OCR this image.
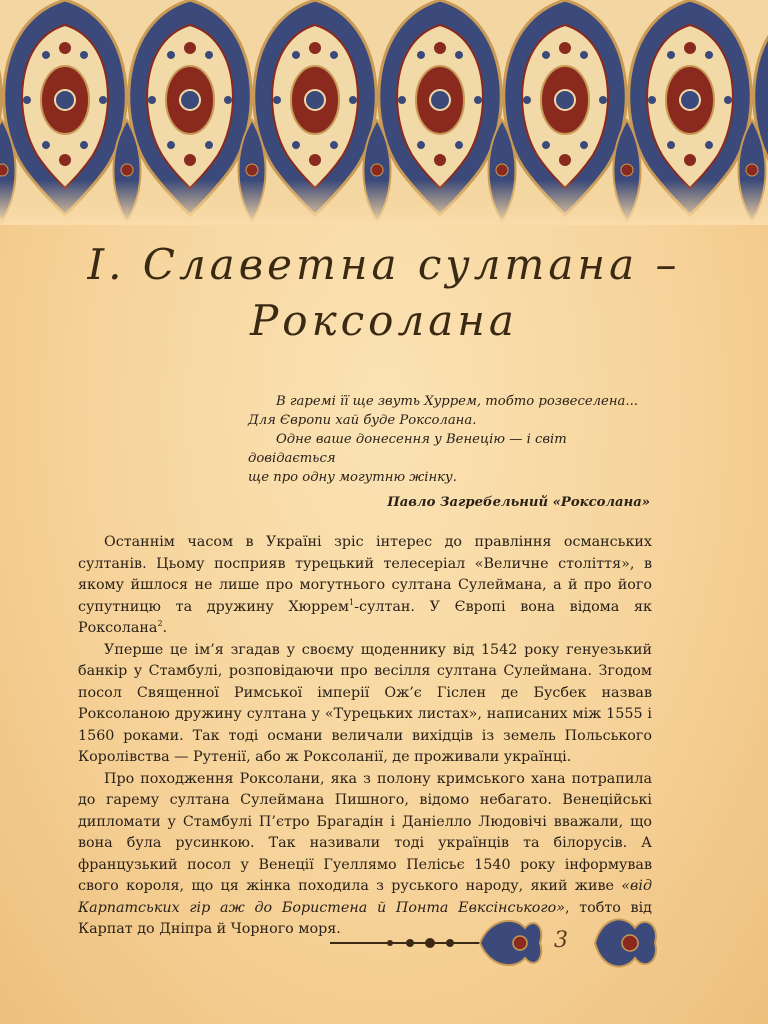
І. Славетна султана –
Роксолана

В гаремі її ще звуть Хуррем, тобто розвеселена...

Для Європи хай буде Роксолана.

Одне ваше донесення у Венецію — і світ довідається

ще про одну могутню жінку.

Павло Загребельний «Роксолана»

Останнім часом в Україні зріс інтерес до правління османських султанів. Цьому посприяв турецький телесеріал «Величне століття», в якому йшлося не лише про могутнього султана Сулеймана, а й про його супутницю та дружину Хюррем$^1$-султан. У Європі вона відома як Роксолана$^2$.

Уперше це ім’я згадав у своєму щоденнику від 1542 року генуезький банкір у Стамбулі, розповідаючи про весілля султана Сулеймана. Згодом посол Священної Римської імперії Ож’є Гіслен де Бусбек назвав Роксоланою дружину султана у «Турецьких листах», написаних між 1555 і 1560 роками. Так тоді османи величали вихідців із земель Польського Королівства — Рутенії, або ж Роксоланії, де проживали українці.

Про походження Роксолани, яка з полону кримського хана потрапила до гарему султана Сулеймана Пишного, відомо небагато. Венеційські дипломати у Стамбулі П’єтро Брагадін і Даніелло Людовічі вважали, що вона була русинкою. Так називали тоді українців та білорусів. А французький посол у Венеції Гуеллямо Пелісьє 1540 року інформував свого короля, що ця жінка походила з руського народу, який живе «від Карпатських гір аж до Бористена й Понта Евксінського», тобто від Карпат до Дніпра й Чорного моря.	3
